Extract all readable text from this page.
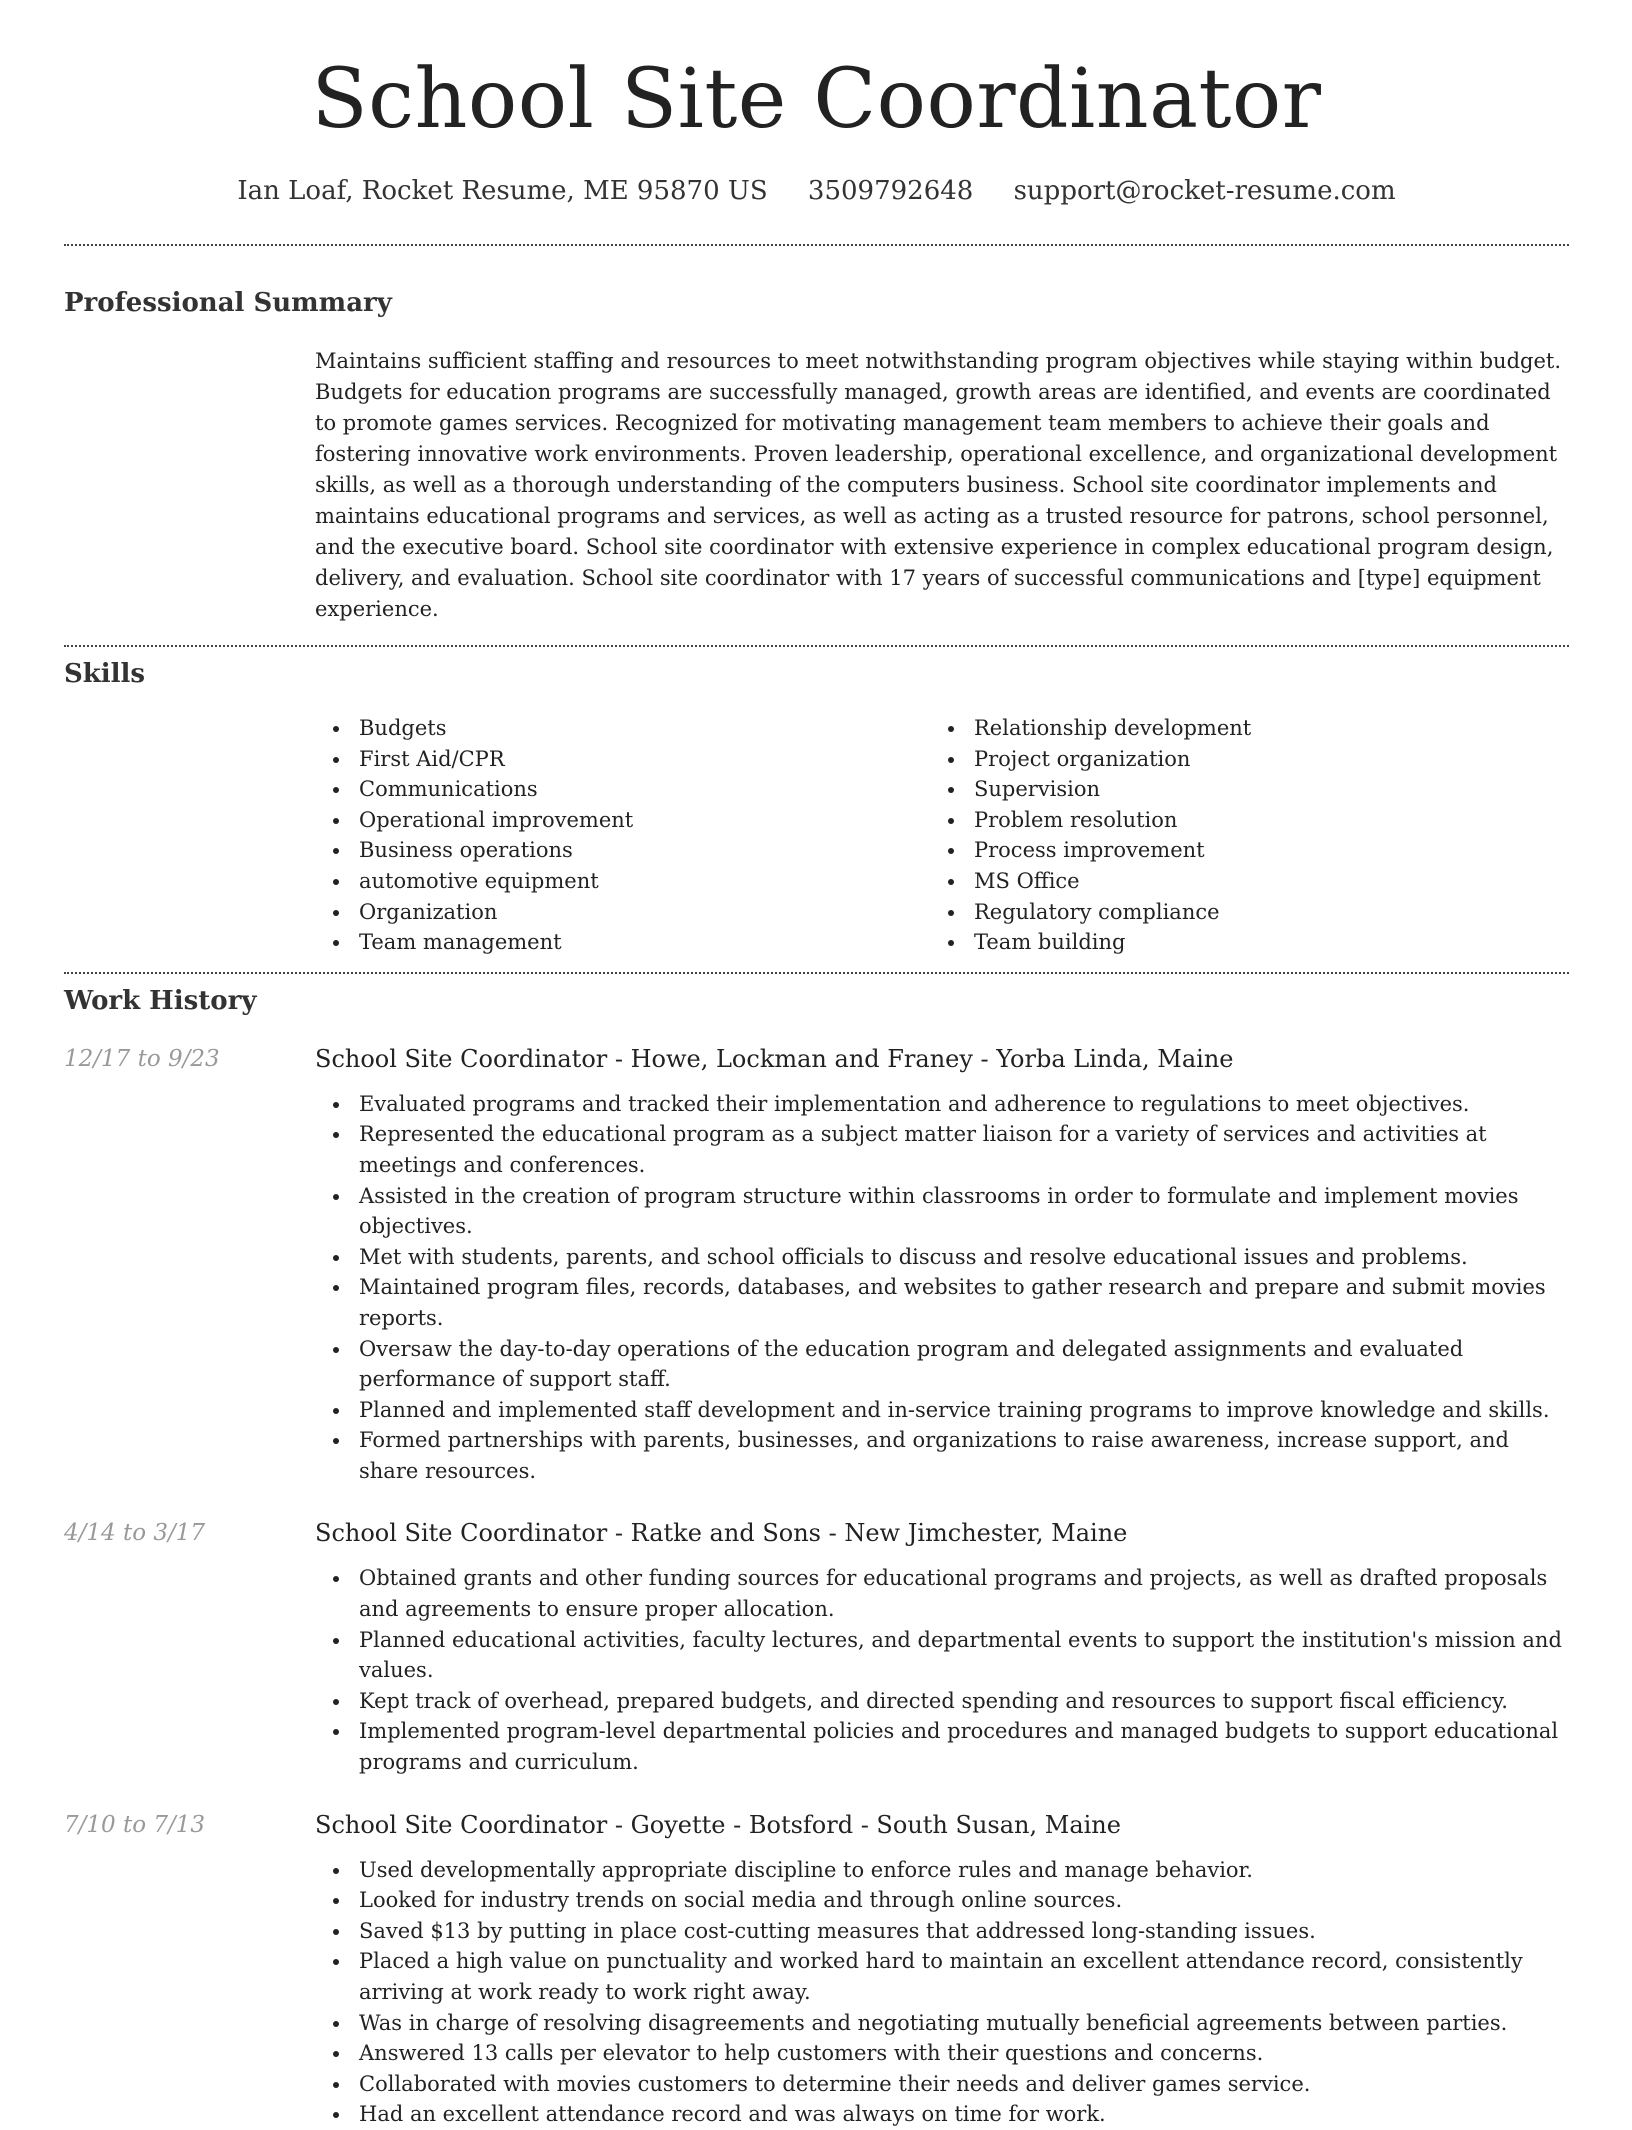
School Site Coordinator
Ian Loaf, Rocket Resume, ME 95870 US 3509792648 support@rocket-resume.com
Professional Summary

Maintains sufficient staffing and resources to meet notwithstanding program objectives while staying within budget. Budgets for education programs are successfully managed, growth areas are identified, and events are coordinated to promote games services. Recognized for motivating management team members to achieve their goals and fostering innovative work environments. Proven leadership, operational excellence, and organizational development skills, as well as a thorough understanding of the computers business. School site coordinator implements and maintains educational programs and services, as well as acting as a trusted resource for patrons, school personnel, and the executive board. School site coordinator with extensive experience in complex educational program design, delivery, and evaluation. School site coordinator with 17 years of successful communications and [type] equipment experience.

Skills
Budgets
First Aid/CPR
Communications
Operational improvement
Business operations
automotive equipment
Organization
Team management
Relationship development
Project organization
Supervision
Problem resolution
Process improvement
MS Office
Regulatory compliance
Team building
Work History
12/17 to 9/23	School Site Coordinator - Howe, Lockman and Franey - Yorba Linda, Maine
Evaluated programs and tracked their implementation and adherence to regulations to meet objectives.
Represented the educational program as a subject matter liaison for a variety of services and activities at meetings and conferences.
Assisted in the creation of program structure within classrooms in order to formulate and implement movies objectives.
Met with students, parents, and school officials to discuss and resolve educational issues and problems.
Maintained program files, records, databases, and websites to gather research and prepare and submit movies reports.
Oversaw the day-to-day operations of the education program and delegated assignments and evaluated performance of support staff.
Planned and implemented staff development and in-service training programs to improve knowledge and skills.
Formed partnerships with parents, businesses, and organizations to raise awareness, increase support, and share resources.
4/14 to 3/17	School Site Coordinator - Ratke and Sons - New Jimchester, Maine
Obtained grants and other funding sources for educational programs and projects, as well as drafted proposals and agreements to ensure proper allocation.
Planned educational activities, faculty lectures, and departmental events to support the institution's mission and values.
Kept track of overhead, prepared budgets, and directed spending and resources to support fiscal efficiency.
Implemented program-level departmental policies and procedures and managed budgets to support educational programs and curriculum.
7/10 to 7/13	School Site Coordinator - Goyette - Botsford - South Susan, Maine
Used developmentally appropriate discipline to enforce rules and manage behavior.
Looked for industry trends on social media and through online sources.
Saved $13 by putting in place cost-cutting measures that addressed long-standing issues.
Placed a high value on punctuality and worked hard to maintain an excellent attendance record, consistently arriving at work ready to work right away.
Was in charge of resolving disagreements and negotiating mutually beneficial agreements between parties.
Answered 13 calls per elevator to help customers with their questions and concerns.
Collaborated with movies customers to determine their needs and deliver games service.
Had an excellent attendance record and was always on time for work.
